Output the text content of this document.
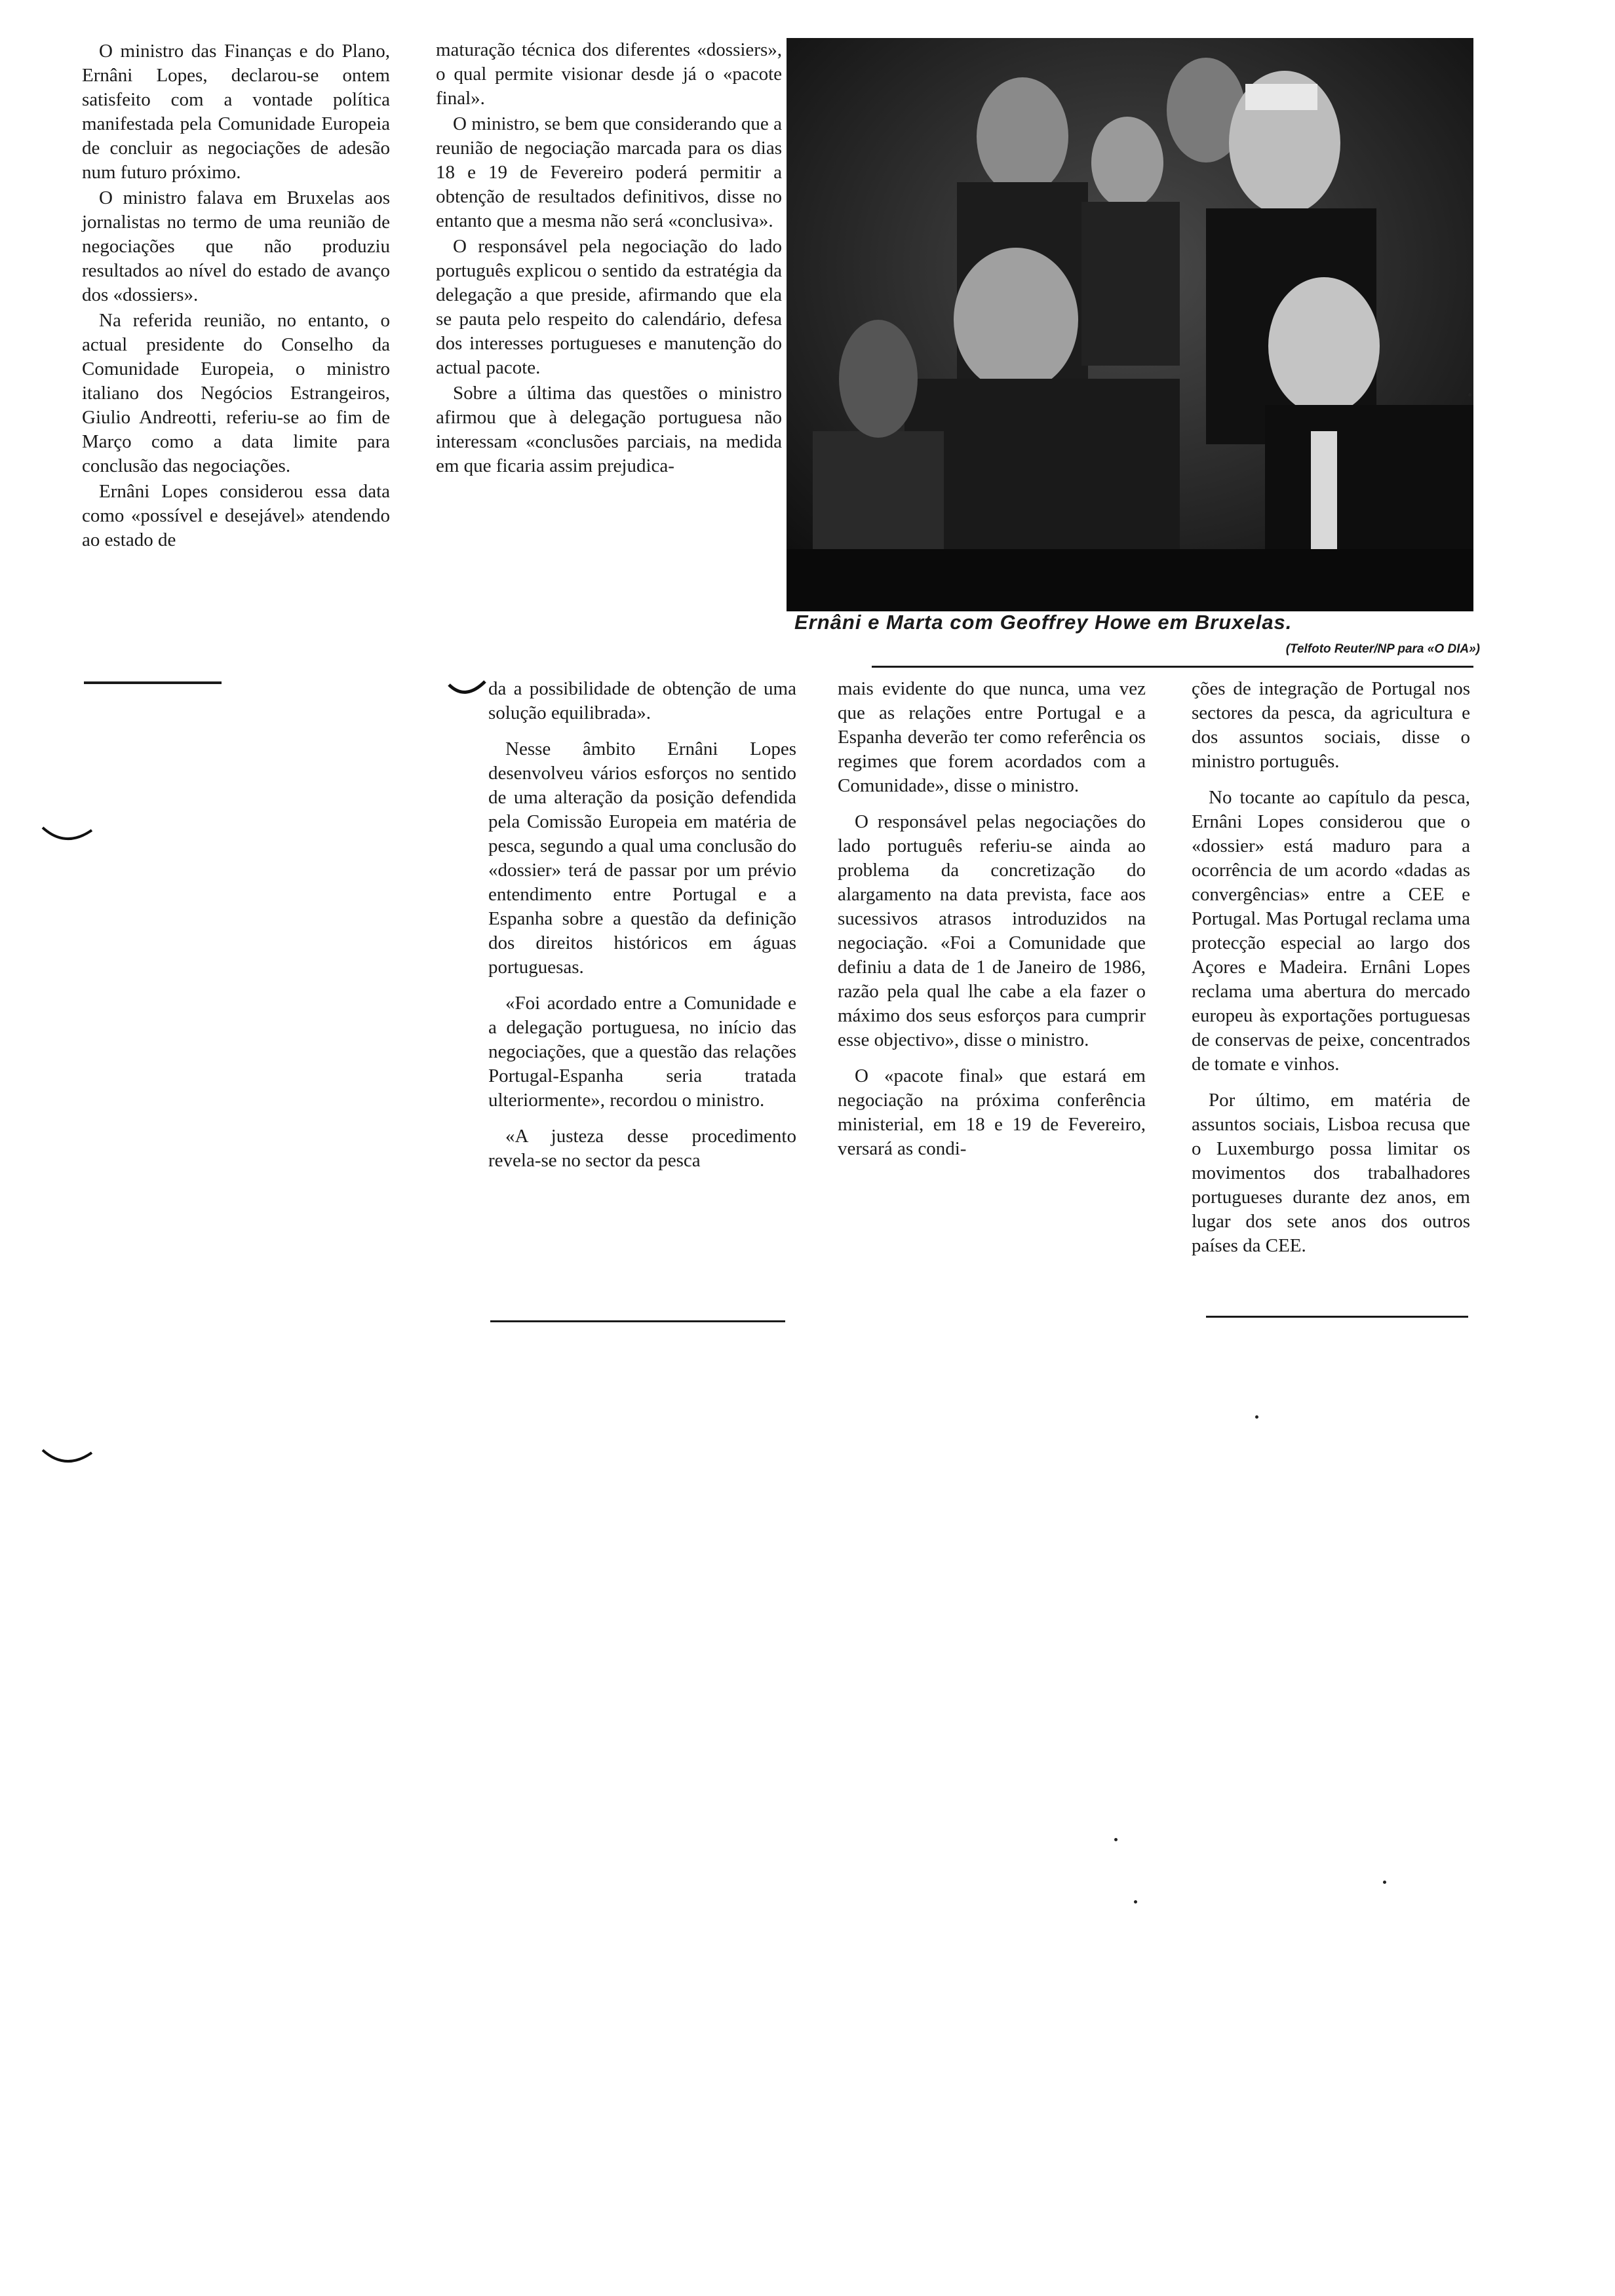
O ministro das Finanças e do Plano, Ernâni Lopes, declarou-se ontem satisfeito com a vontade política manifestada pela Comunidade Europeia de concluir as negociações de adesão num futuro próximo.

O ministro falava em Bruxelas aos jornalistas no termo de uma reunião de negociações que não produziu resultados ao nível do estado de avanço dos «dossiers».

Na referida reunião, no entanto, o actual presidente do Conselho da Comunidade Europeia, o ministro italiano dos Negócios Estrangeiros, Giulio Andreotti, referiu-se ao fim de Março como a data limite para conclusão das negociações.

Ernâni Lopes considerou essa data como «possível e desejável» atendendo ao estado de

maturação técnica dos diferentes «dossiers», o qual permite visionar desde já o «pacote final».

O ministro, se bem que considerando que a reunião de negociação marcada para os dias 18 e 19 de Fevereiro poderá permitir a obtenção de resultados definitivos, disse no entanto que a mesma não será «conclusiva».

O responsável pela negociação do lado português explicou o sentido da estratégia da delegação a que preside, afirmando que ela se pauta pelo respeito do calendário, defesa dos interesses portugueses e manutenção do actual pacote.

Sobre a última das questões o ministro afirmou que à delegação portuguesa não interessam «conclusões parciais, na medida em que ficaria assim prejudica-

Ernâni e Marta com Geoffrey Howe em Bruxelas.
(Telfoto Reuter/NP para «O DIA»)

da a possibilidade de obtenção de uma solução equilibrada».

Nesse âmbito Ernâni Lopes desenvolveu vários esforços no sentido de uma alteração da posição defendida pela Comissão Europeia em matéria de pesca, segundo a qual uma conclusão do «dossier» terá de passar por um prévio entendimento entre Portugal e a Espanha sobre a questão da definição dos direitos históricos em águas portuguesas.

«Foi acordado entre a Comunidade e a delegação portuguesa, no início das negociações, que a questão das relações Portugal-Espanha seria tratada ulteriormente», recordou o ministro.

«A justeza desse procedimento revela-se no sector da pesca

mais evidente do que nunca, uma vez que as relações entre Portugal e a Espanha deverão ter como referência os regimes que forem acordados com a Comunidade», disse o ministro.

O responsável pelas negociações do lado português referiu-se ainda ao problema da concretização do alargamento na data prevista, face aos sucessivos atrasos introduzidos na negociação. «Foi a Comunidade que definiu a data de 1 de Janeiro de 1986, razão pela qual lhe cabe a ela fazer o máximo dos seus esforços para cumprir esse objectivo», disse o ministro.

O «pacote final» que estará em negociação na próxima conferência ministerial, em 18 e 19 de Fevereiro, versará as condi-

ções de integração de Portugal nos sectores da pesca, da agricultura e dos assuntos sociais, disse o ministro português.

No tocante ao capítulo da pesca, Ernâni Lopes considerou que o «dossier» está maduro para a ocorrência de um acordo «dadas as convergências» entre a CEE e Portugal. Mas Portugal reclama uma protecção especial ao largo dos Açores e Madeira. Ernâni Lopes reclama uma abertura do mercado europeu às exportações portuguesas de conservas de peixe, concentrados de tomate e vinhos.

Por último, em matéria de assuntos sociais, Lisboa recusa que o Luxemburgo possa limitar os movimentos dos trabalhadores portugueses durante dez anos, em lugar dos sete anos dos outros países da CEE.
